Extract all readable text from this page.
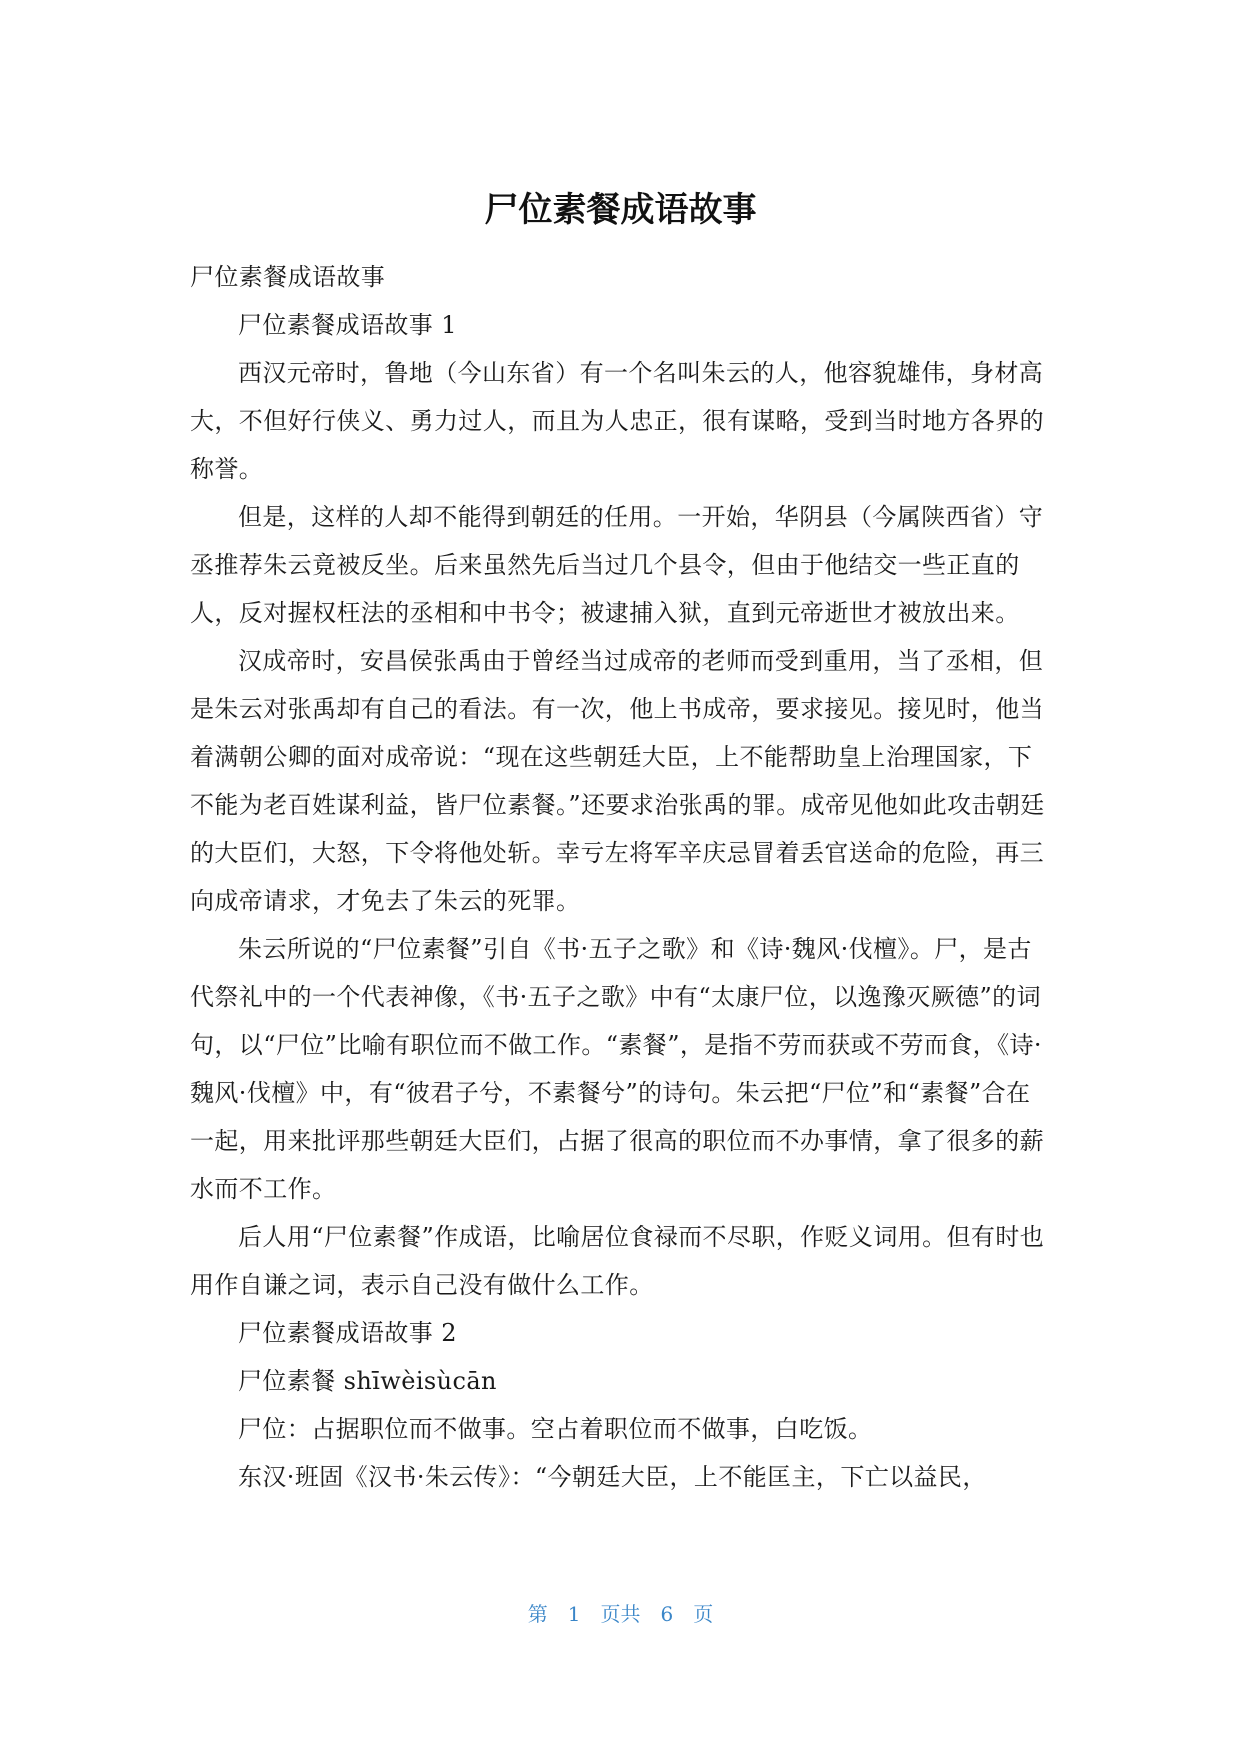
尸位素餐成语故事

尸位素餐成语故事

尸位素餐成语故事 1

西汉元帝时，鲁地（今山东省）有一个名叫朱云的人，他容貌雄伟，身材高大，不但好行侠义、勇力过人，而且为人忠正，很有谋略，受到当时地方各界的称誉。

但是，这样的人却不能得到朝廷的任用。一开始，华阴县（今属陕西省）守丞推荐朱云竟被反坐。后来虽然先后当过几个县令，但由于他结交一些正直的人，反对握权枉法的丞相和中书令；被逮捕入狱，直到元帝逝世才被放出来。

汉成帝时，安昌侯张禹由于曾经当过成帝的老师而受到重用，当了丞相，但是朱云对张禹却有自己的看法。有一次，他上书成帝，要求接见。接见时，他当着满朝公卿的面对成帝说：“现在这些朝廷大臣，上不能帮助皇上治理国家，下不能为老百姓谋利益，皆尸位素餐。”还要求治张禹的罪。成帝见他如此攻击朝廷的大臣们，大怒，下令将他处斩。幸亏左将军辛庆忌冒着丢官送命的危险，再三向成帝请求，才免去了朱云的死罪。

朱云所说的“尸位素餐”引自《书·五子之歌》和《诗·魏风·伐檀》。尸，是古代祭礼中的一个代表神像，《书·五子之歌》中有“太康尸位，以逸豫灭厥德”的词句，以“尸位”比喻有职位而不做工作。“素餐”，是指不劳而获或不劳而食，《诗·魏风·伐檀》中，有“彼君子兮，不素餐兮”的诗句。朱云把“尸位”和“素餐”合在一起，用来批评那些朝廷大臣们，占据了很高的职位而不办事情，拿了很多的薪水而不工作。

后人用“尸位素餐”作成语，比喻居位食禄而不尽职，作贬义词用。但有时也用作自谦之词，表示自己没有做什么工作。

尸位素餐成语故事 2

尸位素餐 shīwèisùcān

尸位：占据职位而不做事。空占着职位而不做事，白吃饭。

东汉·班固《汉书·朱云传》：“今朝廷大臣，上不能匡主，下亡以益民，

第 1 页共 6 页
